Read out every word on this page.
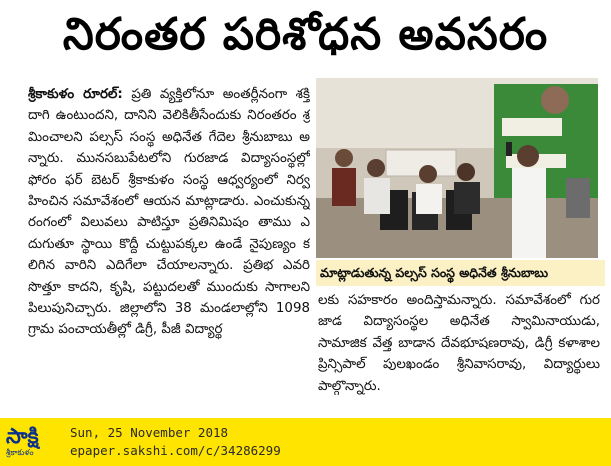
నిరంతర పరిశోధన అవసరం

శ్రీకాకుళం రూరల్: ప్రతి వ్యక్తిలోనూ అంతర్లీనంగా శక్తి దాగి ఉంటుందని, దానిని వెలికితీసేందుకు నిరంతరం శ్రమించాలని పల్సస్ సంస్థ అధినేత గేదెల శ్రీనుబాబు అన్నారు. మునసబుపేటలోని గురజాడ విద్యాసంస్థల్లో ఫోరం ఫర్ బెటర్ శ్రీకాకుళం సంస్థ ఆధ్వర్యంలో నిర్వహించిన సమావేశంలో ఆయన మాట్లాడారు. ఎంచుకున్న రంగంలో విలువలు పాటిస్తూ ప్రతినిమిషం తాము ఎదుగుతూ స్థాయి కొద్దీ చుట్టుపక్కల ఉండే నైపుణ్యం కలిగిన వారిని ఎదిగేలా చేయాలన్నారు. ప్రతిభ ఎవరి సొత్తూ కాదని, కృషి, పట్టుదలతో ముందుకు సాగాలని పిలుపునిచ్చారు. జిల్లాలోని 38 మండలాల్లోని 1098 గ్రామ పంచాయతీల్లో డిగ్రీ, పీజీ విద్యార్థ

మాట్లాడుతున్న పల్సస్ సంస్థ అధినేత శ్రీనుబాబు

లకు సహకారం అందిస్తామన్నారు. సమావేశంలో గురజాడ విద్యాసంస్థల అధినేత స్వామినాయుడు, సామాజిక వేత్త బాడాన దేవభూషణరావు, డిగ్రీ కళాశాల ప్రిన్సిపాల్ పులఖండం శ్రీనివాసరావు, విద్యార్థులు పాల్గొన్నారు.

సాక్షి
శ్రీకాకుళం
Sun, 25 November 2018
epaper.sakshi.com/c/34286299
